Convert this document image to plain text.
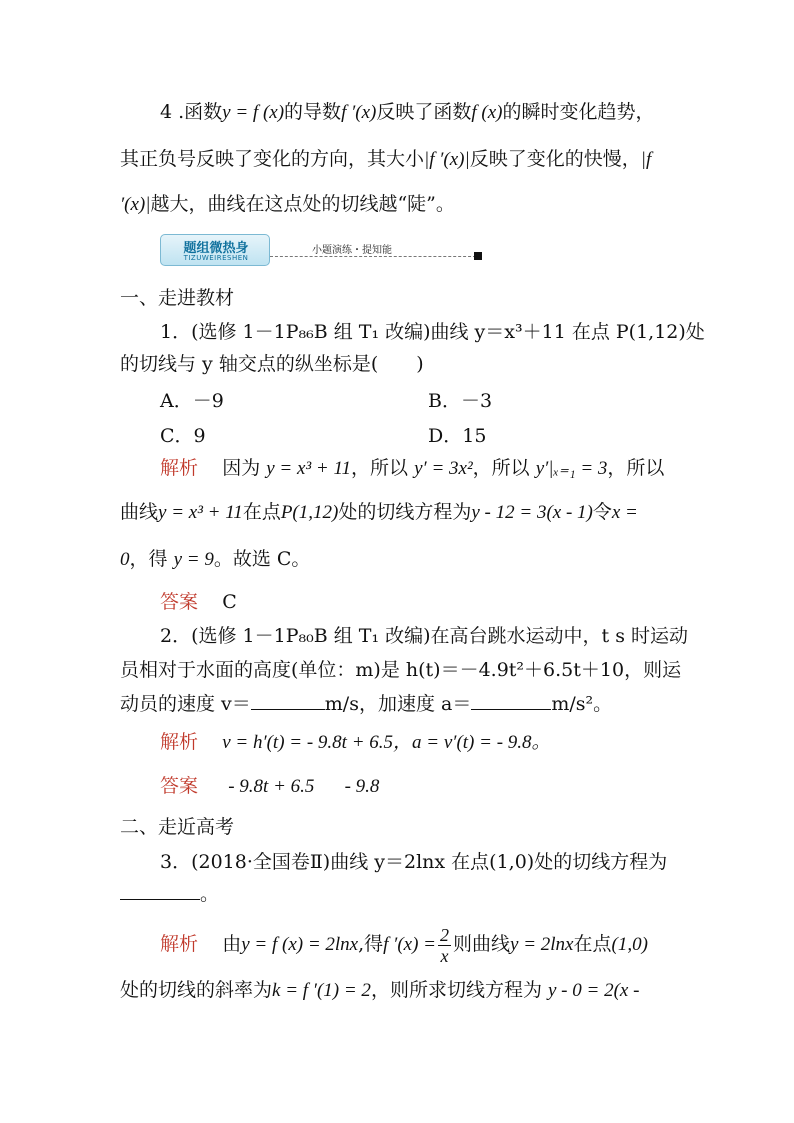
4 .函数y = f (x)的导数f ′(x)反映了函数f (x)的瞬时变化趋势，
其正负号反映了变化的方向，其大小|f ′(x)|反映了变化的快慢，|f
′(x)|越大，曲线在这点处的切线越“陡”。
题组微热身
TIZUWEIRESHEN
小题演练・提知能
一、走进教材
1．(选修 1－1P₈₆B 组 T₁ 改编)曲线 y＝x³＋11 在点 P(1,12)处
的切线与 y 轴交点的纵坐标是(　　)
A．－9	B．－3
C．9	D．15
解析 因为 y = x³ + 11，所以 y′ = 3x²，所以 y′|ₓ₌₁ = 3，所以
曲线y = x³ + 11在点P(1,12)处的切线方程为y - 12 = 3(x - 1)令x =
0，得 y = 9。故选 C。
答案 C
2．(选修 1－1P₈₀B 组 T₁ 改编)在高台跳水运动中，t s 时运动
员相对于水面的高度(单位：m)是 h(t)＝－4.9t²＋6.5t＋10，则运
动员的速度 v＝	m/s，加速度 a＝	m/s²。
解析 v = h′(t) = - 9.8t + 6.5，a = v′(t) = - 9.8。
答案 - 9.8t + 6.5 - 9.8
二、走近高考
3．(2018·全国卷Ⅱ)曲线 y＝2lnx 在点(1,0)处的切线方程为
。
解析 由y = f (x) = 2lnx,得f $'(x) = \frac{2}{x}$ 则曲线y = 2lnx在点(1,0)
处的切线的斜率为k = f ′(1) = 2，则所求切线方程为 y - 0 = 2(x -
